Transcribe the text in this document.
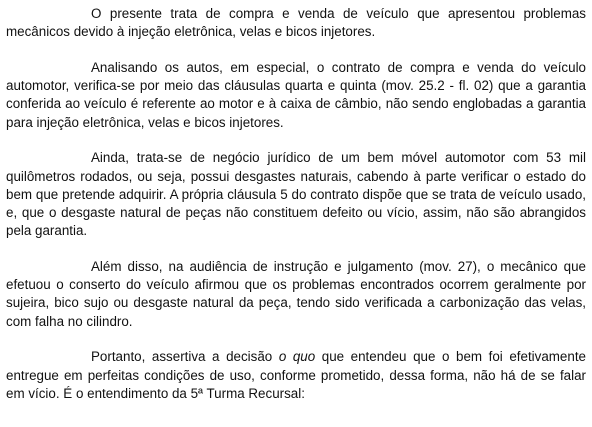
O presente trata de compra e venda de veículo que apresentou problemas mecânicos devido à injeção eletrônica, velas e bicos injetores.

Analisando os autos, em especial, o contrato de compra e venda do veículo automotor, verifica-se por meio das cláusulas quarta e quinta (mov. 25.2 - fl. 02) que a garantia conferida ao veículo é referente ao motor e à caixa de câmbio, não sendo englobadas a garantia para injeção eletrônica, velas e bicos injetores.

Ainda, trata-se de negócio jurídico de um bem móvel automotor com 53 mil quilômetros rodados, ou seja, possui desgastes naturais, cabendo à parte verificar o estado do bem que pretende adquirir. A própria cláusula 5 do contrato dispõe que se trata de veículo usado, e, que o desgaste natural de peças não constituem defeito ou vício, assim, não são abrangidos pela garantia.

Além disso, na audiência de instrução e julgamento (mov. 27), o mecânico que efetuou o conserto do veículo afirmou que os problemas encontrados ocorrem geralmente por sujeira, bico sujo ou desgaste natural da peça, tendo sido verificada a carbonização das velas, com falha no cilindro.

Portanto, assertiva a decisão o quo que entendeu que o bem foi efetivamente entregue em perfeitas condições de uso, conforme prometido, dessa forma, não há de se falar em vício. É o entendimento da 5ª Turma Recursal:
